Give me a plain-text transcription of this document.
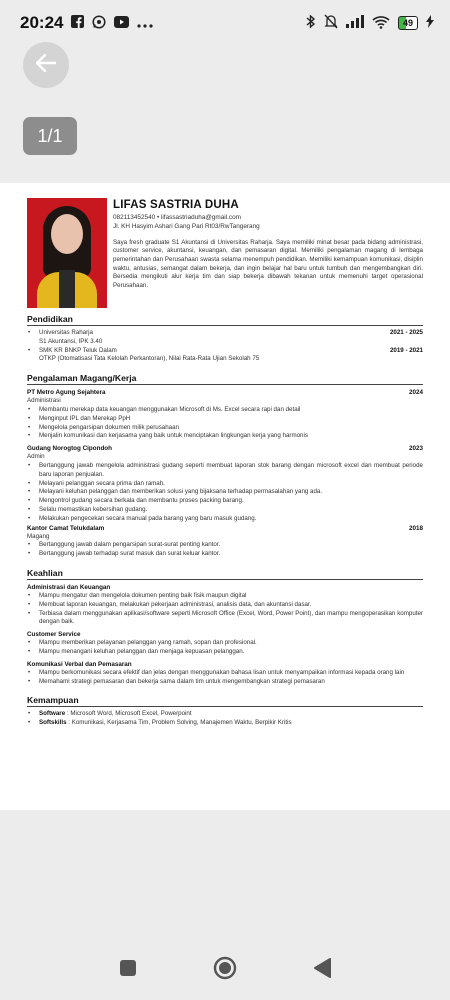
20:24	49
1/1
LIFAS SASTRIA DUHA
082113452540 • lifassastriaduha@gmail.com
Jl. KH Hasyim Ashari Gang Pari Rt03/RwTangerang
Saya fresh graduate S1 Akuntansi di Universitas Raharja. Saya memiliki minat besar pada bidang administrasi, customer service, akuntansi, keuangan, dan pemasaran digital. Memiliki pengalaman magang di lembaga pemerintahan dan Perusahaan swasta selama menempuh pendidikan. Memiliki kemampuan komunikasi, disiplin waktu, antusias, semangat dalam bekerja, dan ingin belajar hal baru untuk tumbuh dan mengembangkan diri. Bersedia mengikuti alur kerja tim dan siap bekerja dibawah tekanan untuk memenuhi target operasional Perusahaan.
Pendidikan
•	Universitas Raharja	2021 - 2025
S1 Akuntansi, IPK 3.40
•	SMK KR BNKP Teluk Dalam	2019 - 2021
OTKP (Otomatisasi Tata Kelolah Perkantoran), Nilai Rata-Rata Ujian Sekolah 75
Pengalaman Magang/Kerja
PT Metro Agung Sejahtera	2024
Administrasi
•	Membantu merekap data keuangan menggunakan Microsoft di Ms. Excel secara rapi dan detail
•	Menginput IPL dan Merekap PpH
•	Mengelola pengarsipan dokumen milik perusahaan
•	Menjalin komunikasi dan kerjasama yang baik untuk menciptakan lingkungan kerja yang harmonis
Gudang Norogtog Cipondoh	2023
Admin
•	Bertanggung jawab mengelola administrasi gudang seperti membuat laporan stok barang dengan microsoft excel dan membuat periode baru laporan penjualan.
•	Melayani pelanggan secara prima dan ramah.
•	Melayani keluhan pelanggan dan memberikan solusi yang bijaksana terhadap permasalahan yang ada.
•	Mengontrol gudang secara berkala dan membantu proses packing barang.
•	Selalu memastikan kebersihan gudang.
•	Melakukan pengecekan secara manual pada barang yang baru masuk gudang.
Kantor Camat Telukdalam	2018
Magang
•	Bertanggung jawab dalam pengarsipan surat-surat penting kantor.
•	Bertanggung jawab terhadap surat masuk dan surat keluar kantor.
Keahlian
Administrasi dan Keuangan
•	Mampu mengatur dan mengelola dokumen penting baik fisik maupun digital
•	Membuat laporan keuangan, melakukan pekerjaan administrasi, analisis data, dan akuntansi dasar.
•	Terbiasa dalam menggunakan aplikasi/software seperti Microsoft Office (Excel, Word, Power Point), dan mampu mengoperasikan komputer dengan baik.
Customer Service
•	Mampu memberikan pelayanan pelanggan yang ramah, sopan dan profesional.
•	Mampu menangani keluhan pelanggan dan menjaga kepuasan pelanggan.
Komunikasi Verbal dan Pemasaran
•	Mampu berkomunikasi secara efektif dan jelas dengan menggunakan bahasa lisan untuk menyampaikan informasi kepada orang lain
•	Memahami strategi pemasaran dan bekerja sama dalam tim untuk mengembangkan strategi pemasaran
Kemampuan
•	Software : Microsoft Word, Microsoft Excel, Powerpoint
•	Softskills : Komunikasi, Kerjasama Tim, Problem Solving, Manajemen Waktu, Berpikir Kritis
